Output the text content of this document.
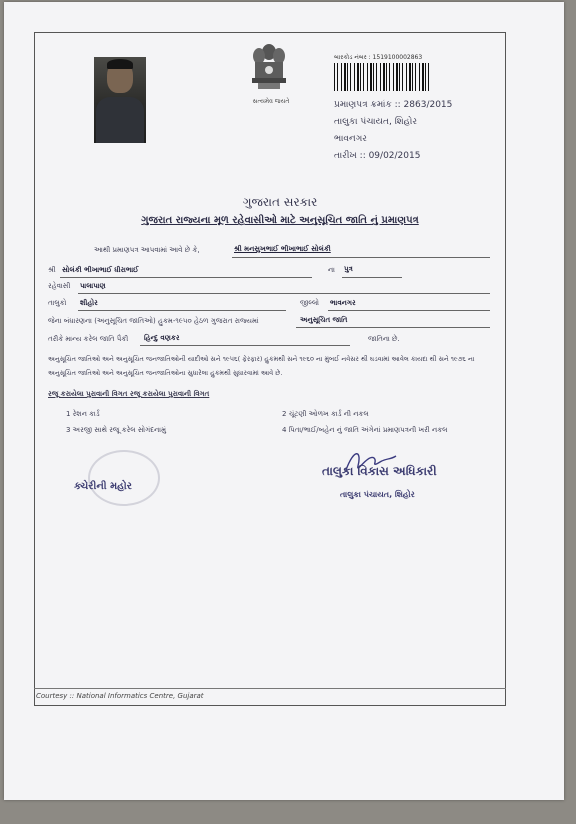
સત્યમેવ જયતે
બારકોડ નંબર : 1519100002863
પ્રમાણપત્ર ક્રમાંક :: 2863/2015
તાલુકા પંચાયત, શિહોર
ભાવનગર
તારીખ :: 09/02/2015
ગુજરાત સરકાર
ગુજરાત રાજ્યના મૂળ રહેવાસીઓ માટે અનુસૂચિત જાતિ નું પ્રમાણપત્ર
આથી પ્રમાણપત્ર આપવામાં આવે છે કે,	શ્રી મનસુખભાઈ ભીખાભાઈ સોલંકી
શ્રી સોલંકી ભીખાભાઈ ધીરાભાઈ	ના પુત્ર
રહેવાસી પાલાપાણ
તાલુકો શીહોર	જીલ્લો ભાવનગર
જેના બંધારણના (અનુસૂચિત જાતિઓ) હુકમ-૧૯૫૦ હેઠળ ગુજરાત રાજ્યમાં	અનુસૂચિત જાતિ
તરીકે માન્ય કરેલ જાતિ પૈકી હિન્દુ વણકર	જાતિના છે.
અનુસૂચિત જાતિઓ અને અનુસૂચિત જનજાતિઓની યાદીઓ સને ૧૯૫૬( ફેરફાર) હુકમથી સને ૧૯૬૦ ના મુંબઈ નવેસર થી ઘડવામાં આવેલ કાયદા થી સને ૧૯૭૬ ના અનુસૂચિત જાતિઓ અને અનુસૂચિત જનજાતિઓના સુધારેલા હુકમથી સુધારવામાં આવે છે.
રજૂ કરાયેલા પુરાવાની વિગત રજૂ કરાયેલા પુરાવાની વિગત
1 રેશન કાર્ડ	2 ચૂંટણી ઓળખ કાર્ડ ની નકલ
3 અરજી સાથે રજૂ કરેલ સોગંદનામું	4 પિતા/ભાઈ/બહેન નું જાતિ અંગેનાં પ્રમાણપત્રની ખરી નકલ
ક્ચેરીની મહોર
તાલુકા વિકાસ અધિકારી
તાલુકા પંચાયત, શિહોર
Courtesy :: National Informatics Centre, Gujarat
